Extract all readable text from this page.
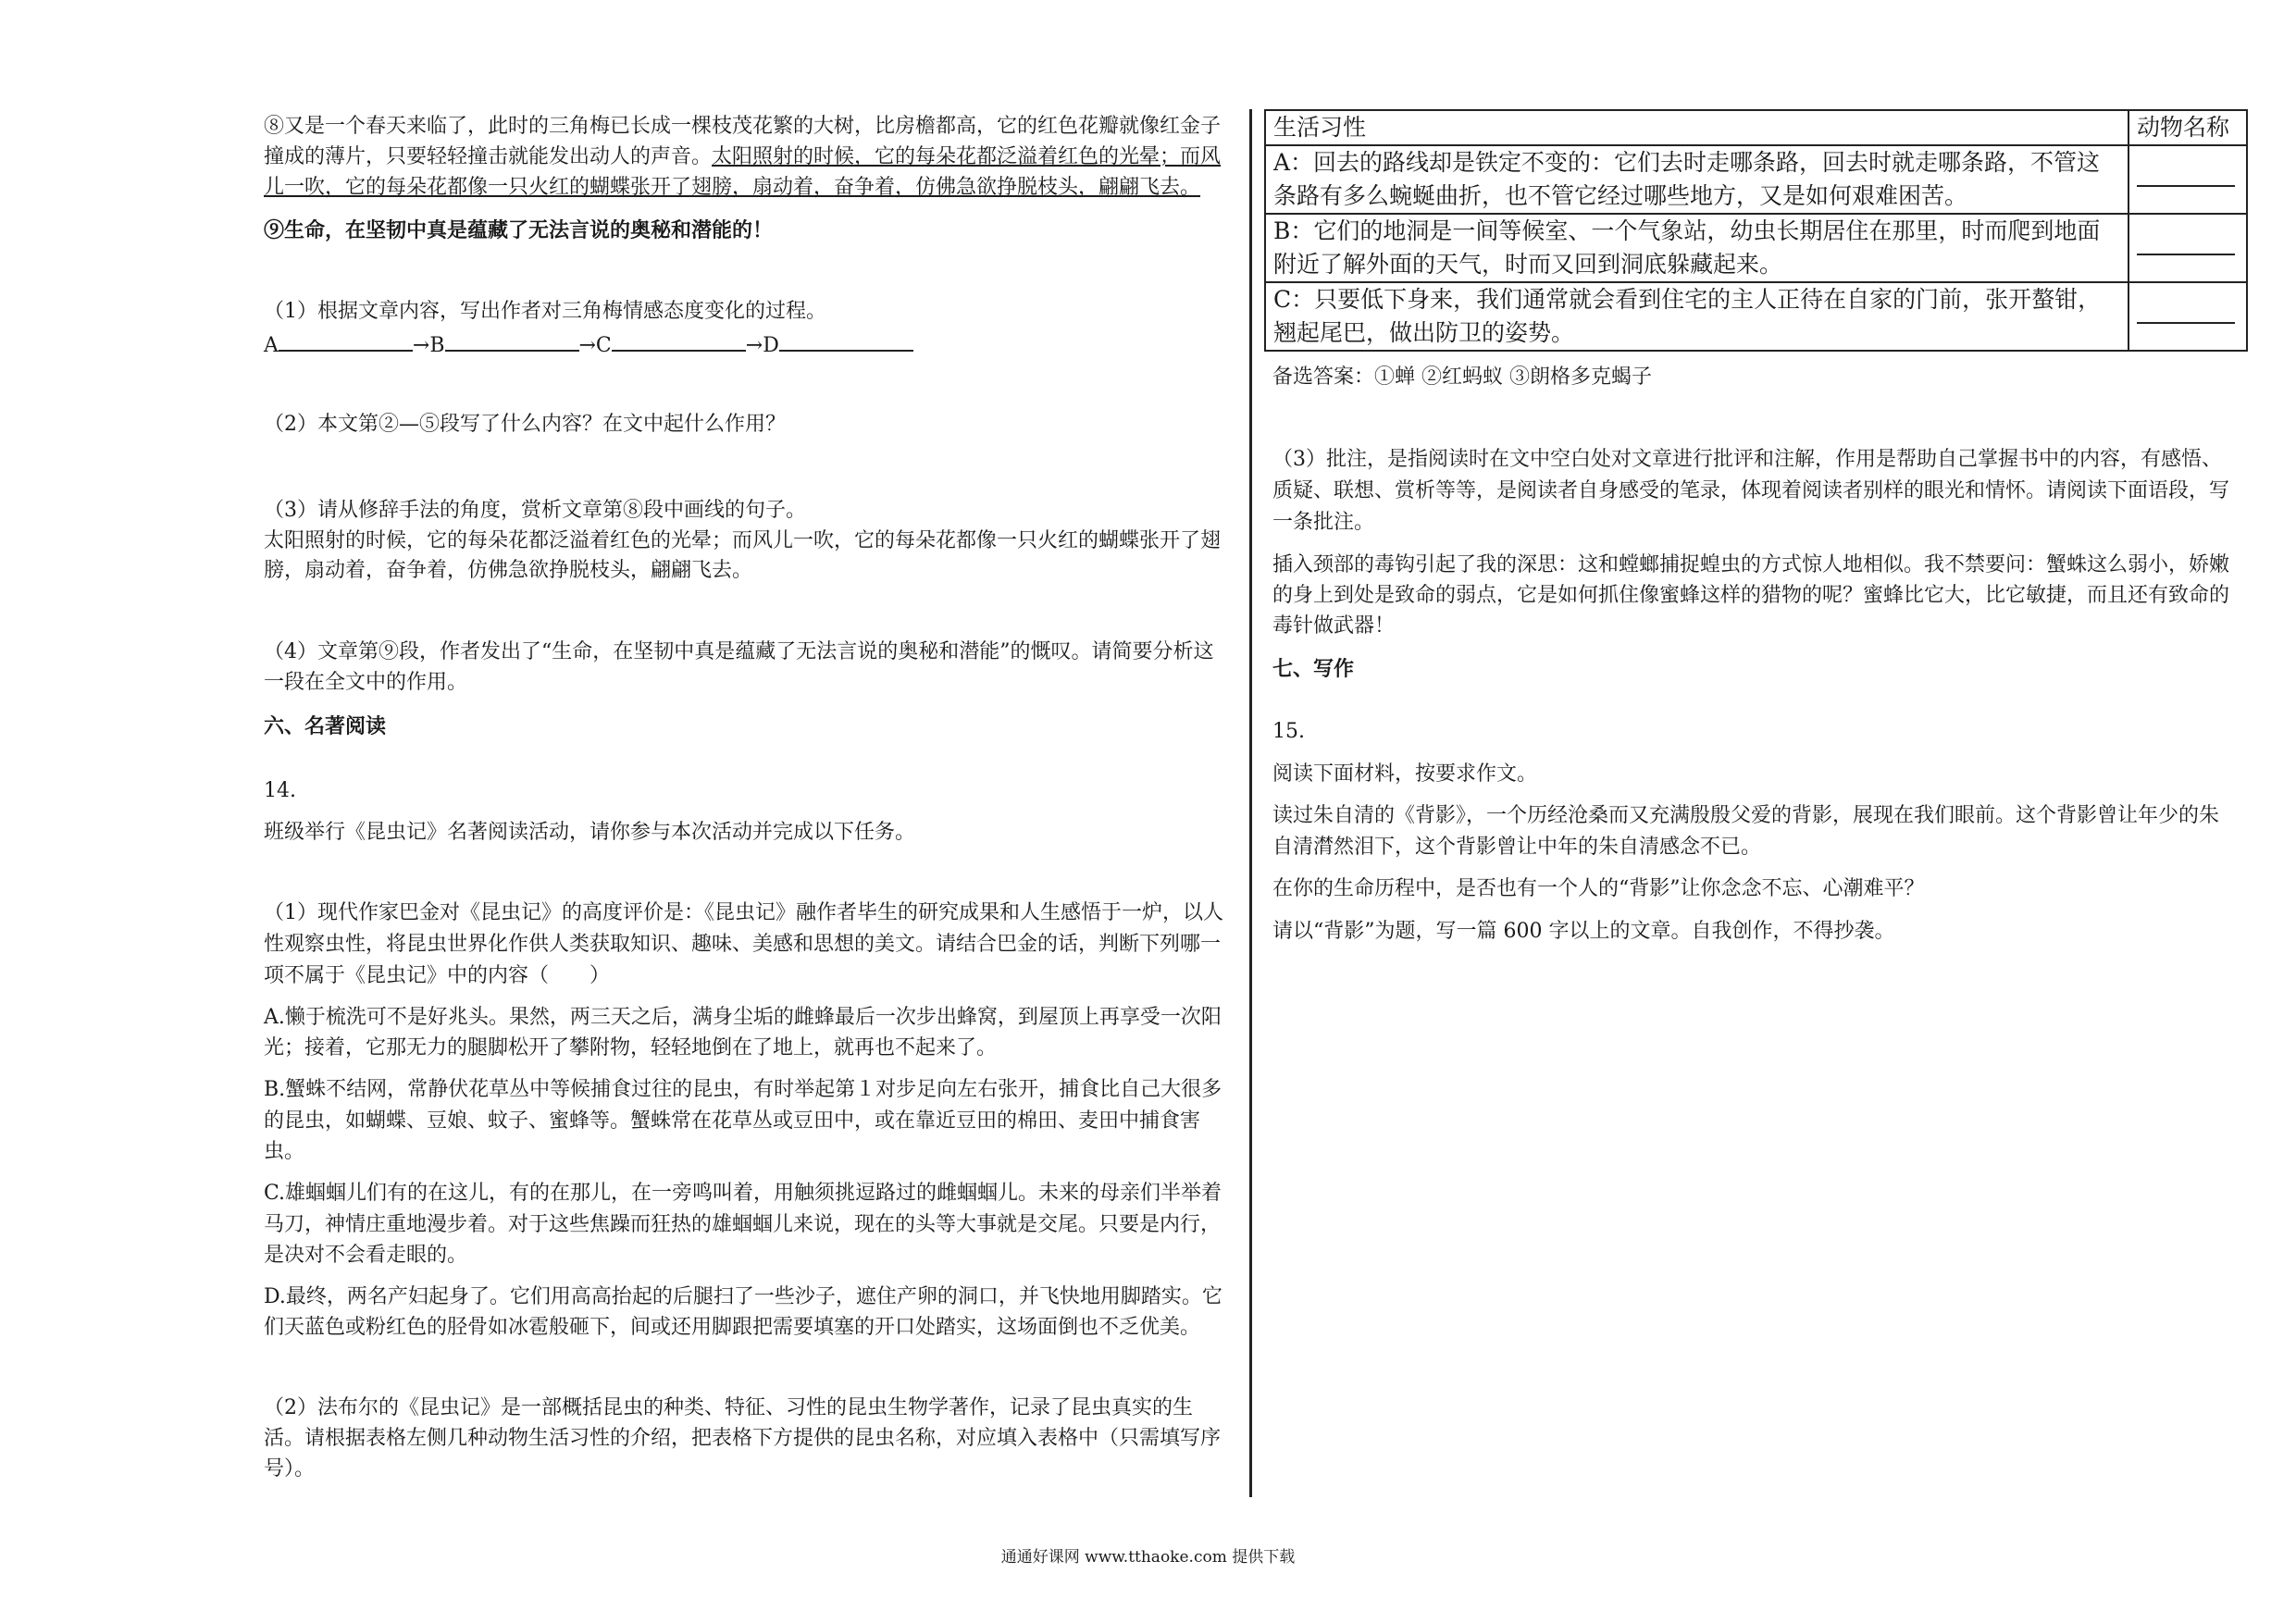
⑧又是一个春天来临了，此时的三角梅已长成一棵枝茂花繁的大树，比房檐都高，它的红色花瓣就像红金子
撞成的薄片，只要轻轻撞击就能发出动人的声音。太阳照射的时候，它的每朵花都泛溢着红色的光晕；而风
儿一吹，它的每朵花都像一只火红的蝴蝶张开了翅膀，扇动着，奋争着，仿佛急欲挣脱枝头，翩翩飞去。
⑨生命，在坚韧中真是蕴藏了无法言说的奥秘和潜能的！
（1）根据文章内容，写出作者对三角梅情感态度变化的过程。
A	→B	→C	→D
（2）本文第②—⑤段写了什么内容？在文中起什么作用？
（3）请从修辞手法的角度，赏析文章第⑧段中画线的句子。
太阳照射的时候，它的每朵花都泛溢着红色的光晕；而风儿一吹，它的每朵花都像一只火红的蝴蝶张开了翅
膀，扇动着，奋争着，仿佛急欲挣脱枝头，翩翩飞去。
（4）文章第⑨段，作者发出了“生命，在坚韧中真是蕴藏了无法言说的奥秘和潜能”的慨叹。请简要分析这
一段在全文中的作用。
六、名著阅读
14.
班级举行《昆虫记》名著阅读活动，请你参与本次活动并完成以下任务。
（1）现代作家巴金对《昆虫记》的高度评价是：《昆虫记》融作者毕生的研究成果和人生感悟于一炉，以人
性观察虫性，将昆虫世界化作供人类获取知识、趣味、美感和思想的美文。请结合巴金的话，判断下列哪一
项不属于《昆虫记》中的内容（　　）
A.懒于梳洗可不是好兆头。果然，两三天之后，满身尘垢的雌蜂最后一次步出蜂窝，到屋顶上再享受一次阳
光；接着，它那无力的腿脚松开了攀附物，轻轻地倒在了地上，就再也不起来了。
B.蟹蛛不结网，常静伏花草丛中等候捕食过往的昆虫，有时举起第１对步足向左右张开，捕食比自己大很多
的昆虫，如蝴蝶、豆娘、蚊子、蜜蜂等。蟹蛛常在花草丛或豆田中，或在靠近豆田的棉田、麦田中捕食害
虫。
C.雄蝈蝈儿们有的在这儿，有的在那儿，在一旁鸣叫着，用触须挑逗路过的雌蝈蝈儿。未来的母亲们半举着
马刀，神情庄重地漫步着。对于这些焦躁而狂热的雄蝈蝈儿来说，现在的头等大事就是交尾。只要是内行，
是决对不会看走眼的。
D.最终，两名产妇起身了。它们用高高抬起的后腿扫了一些沙子，遮住产卵的洞口，并飞快地用脚踏实。它
们天蓝色或粉红色的胫骨如冰雹般砸下，间或还用脚跟把需要填塞的开口处踏实，这场面倒也不乏优美。
（2）法布尔的《昆虫记》是一部概括昆虫的种类、特征、习性的昆虫生物学著作，记录了昆虫真实的生
活。请根据表格左侧几种动物生活习性的介绍，把表格下方提供的昆虫名称，对应填入表格中（只需填写序
号）。
生活习性	动物名称

A：回去的路线却是铁定不变的：它们去时走哪条路，回去时就走哪条路，不管这
条路有多么蜿蜒曲折，也不管它经过哪些地方，又是如何艰难困苦。	

B：它们的地洞是一间等候室、一个气象站，幼虫长期居住在那里，时而爬到地面
附近了解外面的天气，时而又回到洞底躲藏起来。	

C：只要低下身来，我们通常就会看到住宅的主人正待在自家的门前，张开螯钳，
翘起尾巴，做出防卫的姿势。	

备选答案：①蝉 ②红蚂蚁 ③朗格多克蝎子
（3）批注，是指阅读时在文中空白处对文章进行批评和注解，作用是帮助自己掌握书中的内容，有感悟、
质疑、联想、赏析等等，是阅读者自身感受的笔录，体现着阅读者别样的眼光和情怀。请阅读下面语段，写
一条批注。
插入颈部的毒钩引起了我的深思：这和螳螂捕捉蝗虫的方式惊人地相似。我不禁要问：蟹蛛这么弱小，娇嫩
的身上到处是致命的弱点，它是如何抓住像蜜蜂这样的猎物的呢？蜜蜂比它大，比它敏捷，而且还有致命的
毒针做武器！
七、写作
15.
阅读下面材料，按要求作文。
读过朱自清的《背影》，一个历经沧桑而又充满殷殷父爱的背影，展现在我们眼前。这个背影曾让年少的朱
自清潸然泪下，这个背影曾让中年的朱自清感念不已。
在你的生命历程中，是否也有一个人的“背影”让你念念不忘、心潮难平？
请以“背影”为题，写一篇 600 字以上的文章。自我创作，不得抄袭。
通通好课网 www.tthaoke.com 提供下载
